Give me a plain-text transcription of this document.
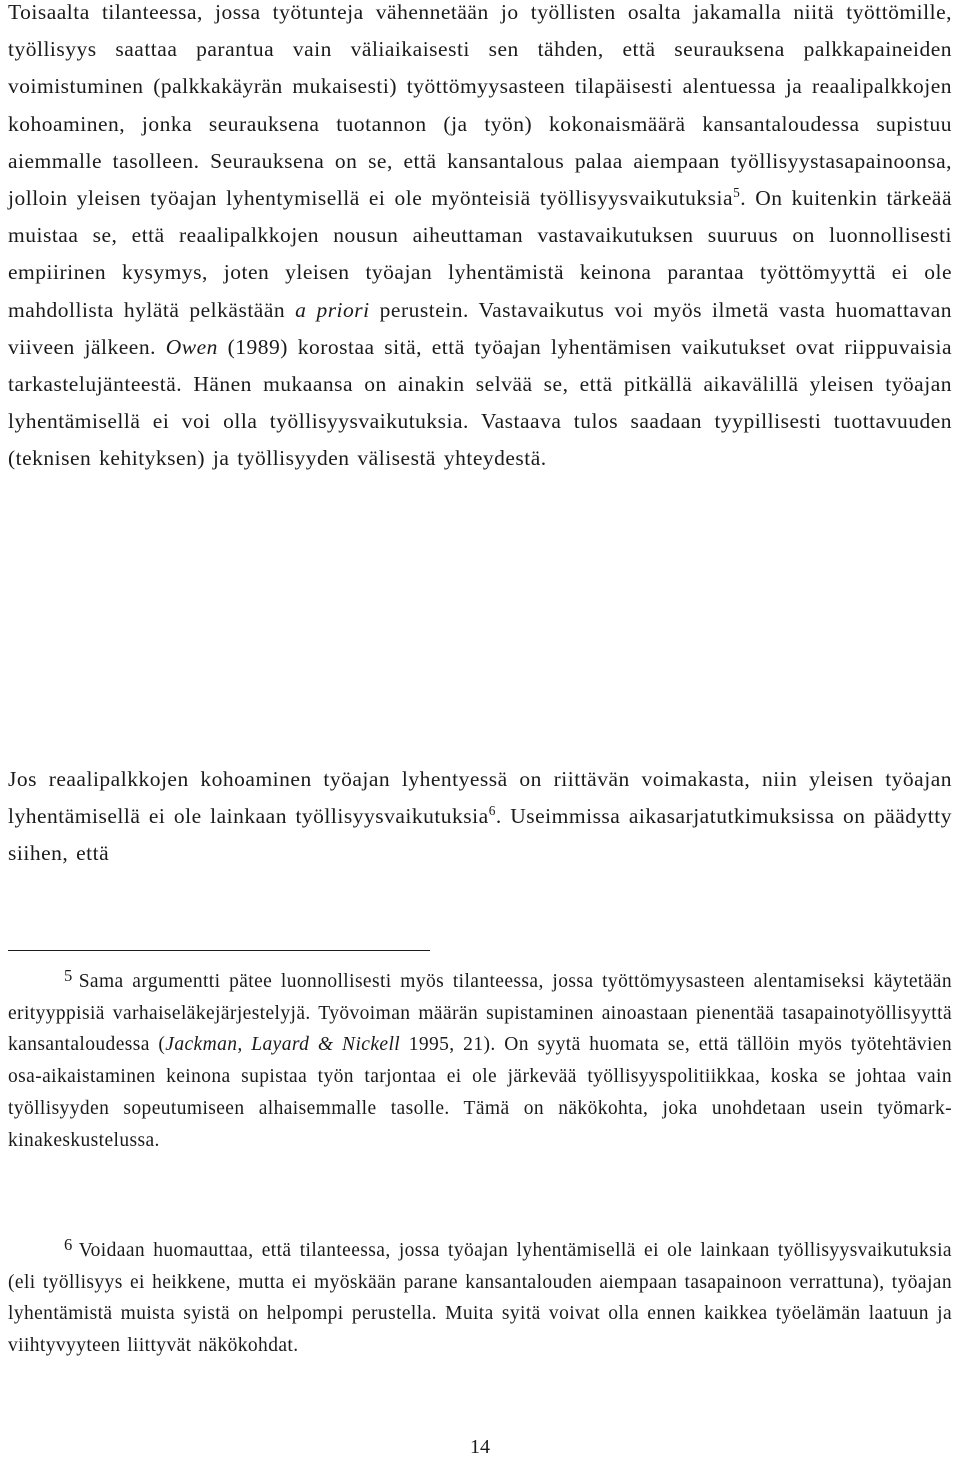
Toisaalta tilanteessa, jossa työtunteja vähennetään jo työllisten osalta jakamalla niitä työttömille, työllisyys saattaa parantua vain väliaikaisesti sen tähden, että seurauksena palkkapaineiden voimistuminen (palkkakäyrän mukaisesti) työttömyysasteen tilapäisesti alentuessa ja reaalipalkkojen kohoaminen, jonka seurauksena tuotannon (ja työn) kokonaismäärä kansantaloudessa supistuu aiemmalle tasolleen. Seurauksena on se, että kansantalous palaa aiempaan työllisyystasapainoonsa, jolloin yleisen työajan lyhentymisellä ei ole myönteisiä työllisyysvaikutuksia$^5$. On kuitenkin tärkeää muistaa se, että reaalipalkkojen nousun aiheuttaman vastavaikutuksen suuruus on luonnollisesti empiirinen kysymys, joten yleisen työajan lyhentämistä keinona parantaa työttömyyttä ei ole mahdollista hylätä pelkästään a priori perustein. Vastavaikutus voi myös ilmetä vasta huomattavan viiveen jälkeen. Owen (1989) korostaa sitä, että työajan lyhentämisen vaikutukset ovat riippuvaisia tarkastelujänteestä. Hänen mukaansa on ainakin selvää se, että pitkällä aikavälillä yleisen työajan lyhentämisellä ei voi olla työllisyysvaikutuksia. Vastaava tulos saadaan tyypillisesti tuottavuuden (teknisen kehityksen) ja työllisyyden välisestä yhteydestä.

Jos reaalipalkkojen kohoaminen työajan lyhentyessä on riittävän voimakasta, niin yleisen työajan lyhentämisellä ei ole lainkaan työllisyysvaikutuksia$^6$. Useimmissa aikasarjatutkimuksissa on päädytty siihen, että

$^5$ Sama argumentti pätee luonnollisesti myös tilanteessa, jossa työttömyysasteen alentamiseksi käytetään erityyppisiä varhaiseläkejärjestelyjä. Työvoiman määrän supistaminen ainoastaan pienentää tasapainotyöllisyyttä kansantaloudessa (Jackman, Layard & Nickell 1995, 21). On syytä huomata se, että tällöin myös työtehtävien osa-aikaistaminen keinona supistaa työn tarjontaa ei ole järkevää työllisyyspolitiikkaa, koska se johtaa vain työllisyyden sopeutumiseen alhaisemmalle tasolle. Tämä on näkökohta, joka unohdetaan usein työmark-kinakeskustelussa.

$^6$ Voidaan huomauttaa, että tilanteessa, jossa työajan lyhentämisellä ei ole lainkaan työllisyysvaikutuksia (eli työllisyys ei heikkene, mutta ei myöskään parane kansantalouden aiempaan tasapainoon verrattuna), työajan lyhentämistä muista syistä on helpompi perustella. Muita syitä voivat olla ennen kaikkea työelämän laatuun ja viihtyvyyteen liittyvät näkökohdat.

14
